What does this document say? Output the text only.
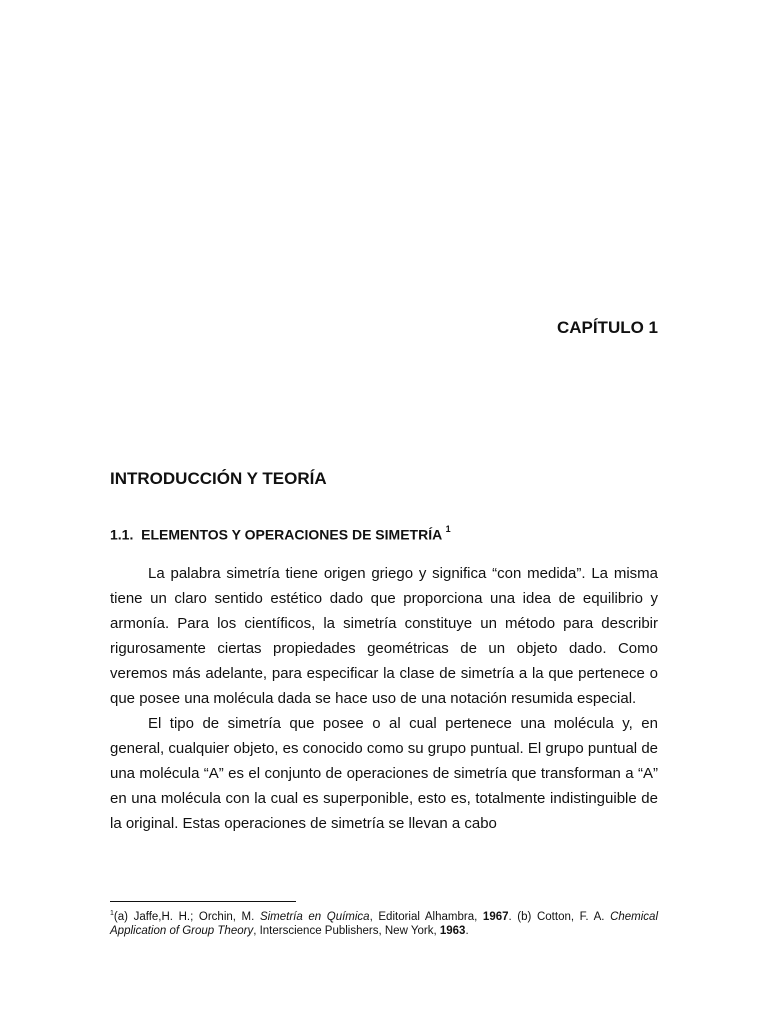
CAPÍTULO 1
INTRODUCCIÓN Y TEORÍA
1.1. ELEMENTOS Y OPERACIONES DE SIMETRÍA $^1$

La palabra simetría tiene origen griego y significa “con medida”. La misma tiene un claro sentido estético dado que proporciona una idea de equilibrio y armonía. Para los científicos, la simetría constituye un método para describir rigurosamente ciertas propiedades geométricas de un objeto dado. Como veremos más adelante, para especificar la clase de simetría a la que pertenece o que posee una molécula dada se hace uso de una notación resumida especial.

El tipo de simetría que posee o al cual pertenece una molécula y, en general, cualquier objeto, es conocido como su grupo puntual. El grupo puntual de una molécula “A” es el conjunto de operaciones de simetría que transforman a “A” en una molécula con la cual es superponible, esto es, totalmente indistinguible de la original. Estas operaciones de simetría se llevan a cabo

$^1$(a) Jaffe,H. H.; Orchin, M. Simetría en Química, Editorial Alhambra, 1967. (b) Cotton, F. A. Chemical Application of Group Theory, Interscience Publishers, New York, 1963.
